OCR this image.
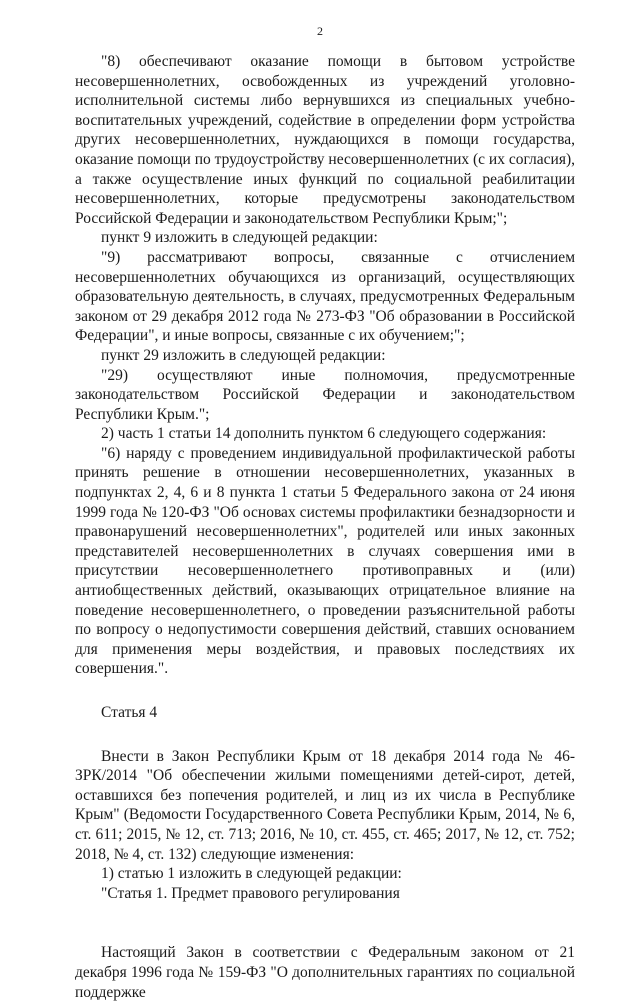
2

"8) обеспечивают оказание помощи в бытовом устройстве несовершеннолетних, освобожденных из учреждений уголовно-исполнительной системы либо вернувшихся из специальных учебно-воспитательных учреждений, содействие в определении форм устройства других несовершеннолетних, нуждающихся в помощи государства, оказание помощи по трудоустройству несовершеннолетних (с их согласия), а также осуществление иных функций по социальной реабилитации несовершеннолетних, которые предусмотрены законодательством Российской Федерации и законодательством Республики Крым;";

пункт 9 изложить в следующей редакции:

"9) рассматривают вопросы, связанные с отчислением несовершеннолетних обучающихся из организаций, осуществляющих образовательную деятельность, в случаях, предусмотренных Федеральным законом от 29 декабря 2012 года № 273-ФЗ "Об образовании в Российской Федерации", и иные вопросы, связанные с их обучением;";

пункт 29 изложить в следующей редакции:

"29) осуществляют иные полномочия, предусмотренные законодательством Российской Федерации и законодательством Республики Крым.";

2) часть 1 статьи 14 дополнить пунктом 6 следующего содержания:

"6) наряду с проведением индивидуальной профилактической работы принять решение в отношении несовершеннолетних, указанных в подпунктах 2, 4, 6 и 8 пункта 1 статьи 5 Федерального закона от 24 июня 1999 года № 120-ФЗ "Об основах системы профилактики безнадзорности и правонарушений несовершеннолетних", родителей или иных законных представителей несовершеннолетних в случаях совершения ими в присутствии несовершеннолетнего противоправных и (или) антиобщественных действий, оказывающих отрицательное влияние на поведение несовершеннолетнего, о проведении разъяснительной работы по вопросу о недопустимости совершения действий, ставших основанием для применения меры воздействия, и правовых последствиях их совершения.".

Статья 4

Внести в Закон Республики Крым от 18 декабря 2014 года № 46-ЗРК/2014 "Об обеспечении жилыми помещениями детей-сирот, детей, оставшихся без попечения родителей, и лиц из их числа в Республике Крым" (Ведомости Государственного Совета Республики Крым, 2014, № 6, ст. 611; 2015, № 12, ст. 713; 2016, № 10, ст. 455, ст. 465; 2017, № 12, ст. 752; 2018, № 4, ст. 132) следующие изменения:

1) статью 1 изложить в следующей редакции:

"Статья 1. Предмет правового регулирования

Настоящий Закон в соответствии с Федеральным законом от 21 декабря 1996 года № 159-ФЗ "О дополнительных гарантиях по социальной поддержке
